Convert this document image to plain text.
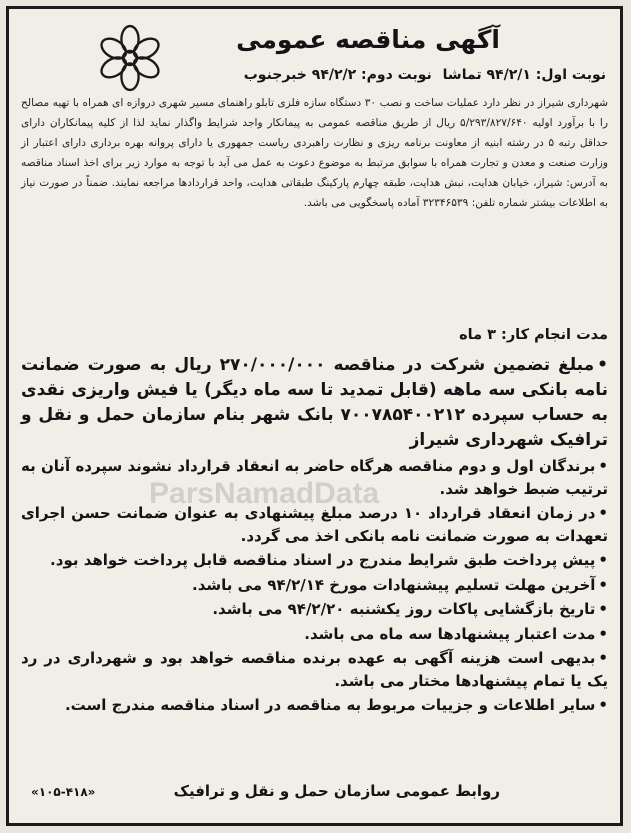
آگهی مناقصه عمومی
نوبت اول: ۹۴/۲/۱ تماشا نوبت دوم: ۹۴/۲/۲ خبرجنوب
شهرداری شیراز در نظر دارد عملیات ساخت و نصب ۳۰ دستگاه سازه فلزی تابلو راهنمای مسیر شهری دروازه ای همراه با تهیه مصالح را با برآورد اولیه ۵/۲۹۳/۸۲۷/۶۴۰ ریال از طریق مناقصه عمومی به پیمانکار واجد شرایط واگذار نماید لذا از کلیه پیمانکاران دارای حداقل رتبه ۵ در رشته ابنیه از معاونت برنامه ریزی و نظارت راهبردی ریاست جمهوری یا دارای پروانه بهره برداری دارای اعتبار از وزارت صنعت و معدن و تجارت همراه با سوابق مرتبط به موضوع دعوت به عمل می آید با توجه به موارد زیر برای اخذ اسناد مناقصه به آدرس: شیراز، خیابان هدایت، نبش هدایت، طبقه چهارم پارکینگ طبقاتی هدایت، واحد قراردادها مراجعه نمایند. ضمناً در صورت نیاز به اطلاعات بیشتر شماره تلفن: ۳۲۳۴۶۵۳۹ آماده پاسخگویی می باشد.
مدت انجام کار: ۳ ماه
• مبلغ تضمین شرکت در مناقصه ۲۷۰/۰۰۰/۰۰۰ ریال به صورت ضمانت نامه بانکی سه ماهه (قابل تمدید تا سه ماه دیگر) یا فیش واریزی نقدی به حساب سپرده ۷۰۰۷۸۵۴۰۰۲۱۲ بانک شهر بنام سازمان حمل و نقل و ترافیک شهرداری شیراز
• برندگان اول و دوم مناقصه هرگاه حاضر به انعقاد قرارداد نشوند سپرده آنان به ترتیب ضبط خواهد شد.
• در زمان انعقاد قرارداد ۱۰ درصد مبلغ پیشنهادی به عنوان ضمانت حسن اجرای تعهدات به صورت ضمانت نامه بانکی اخذ می گردد.
• پیش پرداخت طبق شرایط مندرج در اسناد مناقصه قابل پرداخت خواهد بود.
• آخرین مهلت تسلیم پیشنهادات مورخ ۹۴/۲/۱۴ می باشد.
• تاریخ بازگشایی پاکات روز یکشنبه ۹۴/۲/۲۰ می باشد.
• مدت اعتبار پیشنهادها سه ماه می باشد.
• بدیهی است هزینه آگهی به عهده برنده مناقصه خواهد بود و شهرداری در رد یک یا تمام پیشنهادها مختار می باشد.
• سایر اطلاعات و جزییات مربوط به مناقصه در اسناد مناقصه مندرج است.
روابط عمومی سازمان حمل و نقل و ترافیک
«۱۰۵-۴۱۸»
ParsNamadData
